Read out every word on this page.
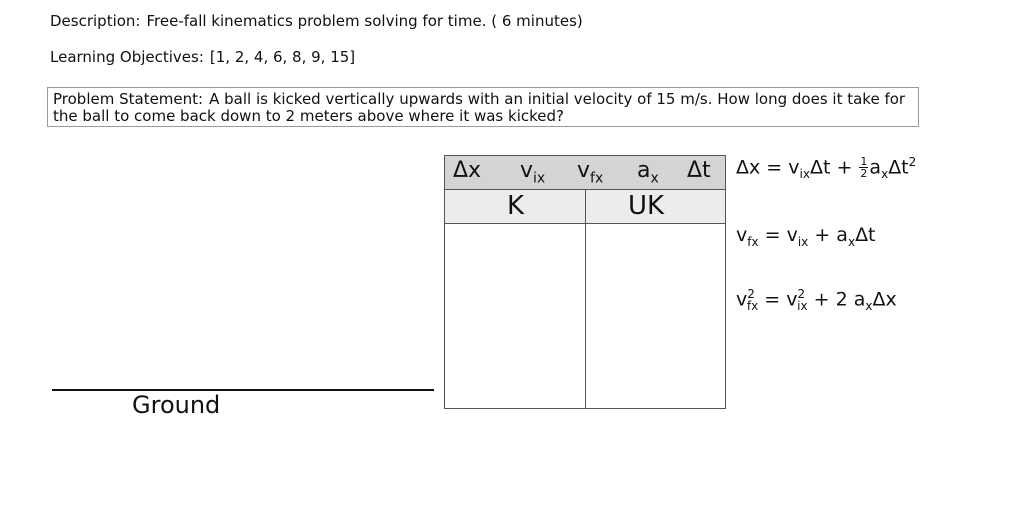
Description: Free-fall kinematics problem solving for time. ( 6 minutes)
Learning Objectives: [1, 2, 4, 6, 8, 9, 15]
Problem Statement: A ball is kicked vertically upwards with an initial velocity of 15 m/s. How long does it take for the ball to come back down to 2 meters above where it was kicked?
Δx $v_{ix}$ $v_{fx}$ $a_x$ Δt
K	UK
$\Delta x = v_{ix}\Delta t + \frac{1}{2} a_x\Delta t^2$
$v_{fx} = v_{ix} + a_x\Delta t$
$v^2_{fx} = v^2_{ix} + 2$ $a_x\Delta x$
Ground
